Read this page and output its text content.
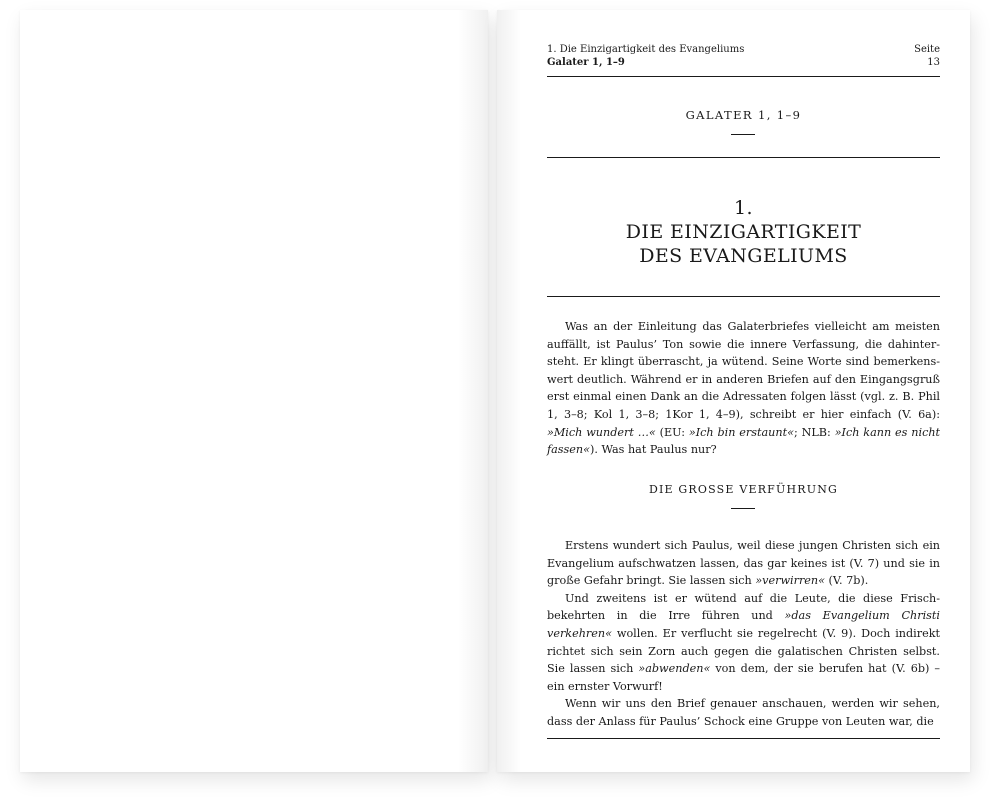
1. Die Einzigartigkeit des Evangeliums
Galater 1, 1–9
Seite
13
GALATER 1, 1–9
1.
DIE EINZIGARTIGKEIT
DES EVANGELIUMS

Was an der Einleitung das Galaterbriefes vielleicht am meisten auffällt, ist Paulus’ Ton sowie die innere Verfassung, die dahintersteht. Er klingt überrascht, ja wütend. Seine Worte sind bemerkenswert deutlich. Während er in anderen Briefen auf den Eingangsgruß erst einmal einen Dank an die Adressaten folgen lässt (vgl. z. B. Phil 1, 3–8; Kol 1, 3–8; 1Kor 1, 4–9), schreibt er hier einfach (V. 6a): »Mich wundert …« (EU: »Ich bin erstaunt«; NLB: »Ich kann es nicht fassen«). Was hat Paulus nur?

DIE GROSSE VERFÜHRUNG

Erstens wundert sich Paulus, weil diese jungen Christen sich ein Evangelium aufschwatzen lassen, das gar keines ist (V. 7) und sie in große Gefahr bringt. Sie lassen sich »verwirren« (V. 7b).

Und zweitens ist er wütend auf die Leute, die diese Frischbekehrten in die Irre führen und »das Evangelium Christi verkehren« wollen. Er verflucht sie regelrecht (V. 9). Doch indirekt richtet sich sein Zorn auch gegen die galatischen Christen selbst. Sie lassen sich »abwenden« von dem, der sie berufen hat (V. 6b) – ein ernster Vorwurf!

Wenn wir uns den Brief genauer anschauen, werden wir sehen, dass der Anlass für Paulus’ Schock eine Gruppe von Leuten war, die
